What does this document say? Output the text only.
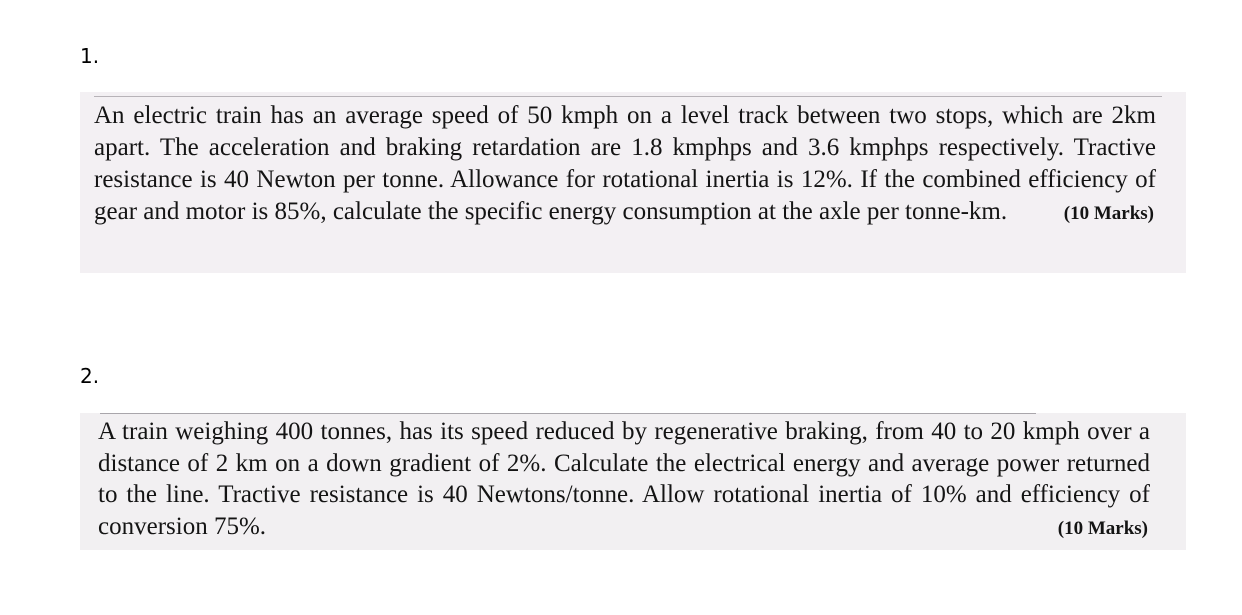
1.

An electric train has an average speed of 50 kmph on a level track between two stops, which are 2km apart. The acceleration and braking retardation are 1.8 kmphps and 3.6 kmphps respectively. Tractive resistance is 40 Newton per tonne. Allowance for rotational inertia is 12%. If the combined efficiency of gear and motor is 85%, calculate the specific energy consumption at the axle per tonne-km.	(10 Marks)

2.

A train weighing 400 tonnes, has its speed reduced by regenerative braking, from 40 to 20 kmph over a distance of 2 km on a down gradient of 2%. Calculate the electrical energy and average power returned to the line. Tractive resistance is 40 Newtons/tonne. Allow rotational inertia of 10% and efficiency of conversion 75%.	(10 Marks)
